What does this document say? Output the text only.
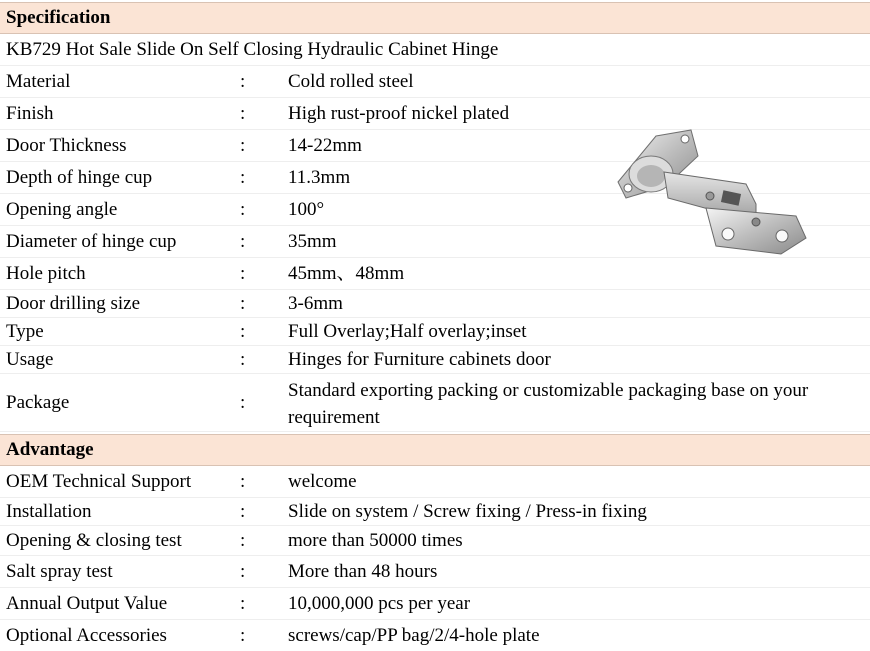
Specification
KB729 Hot Sale Slide On Self Closing Hydraulic Cabinet Hinge
Material	: Cold rolled steel
Finish	: High rust-proof nickel plated
Door Thickness	: 14-22mm
Depth of hinge cup	: 11.3mm
Opening angle	: 100°
Diameter of hinge cup	: 35mm
Hole pitch	: 45mm、48mm
Door drilling size	: 3-6mm
Type	: Full Overlay;Half overlay;inset
Usage	: Hinges for Furniture cabinets door
Package	:
Standard exporting packing or customizable packaging base on your requirement
Advantage
OEM Technical Support	: welcome
Installation	: Slide on system / Screw fixing / Press-in fixing
Opening & closing test	: more than 50000 times
Salt spray test	: More than 48 hours
Annual Output Value	: 10,000,000 pcs per year
Optional Accessories	: screws/cap/PP bag/2/4-hole plate
